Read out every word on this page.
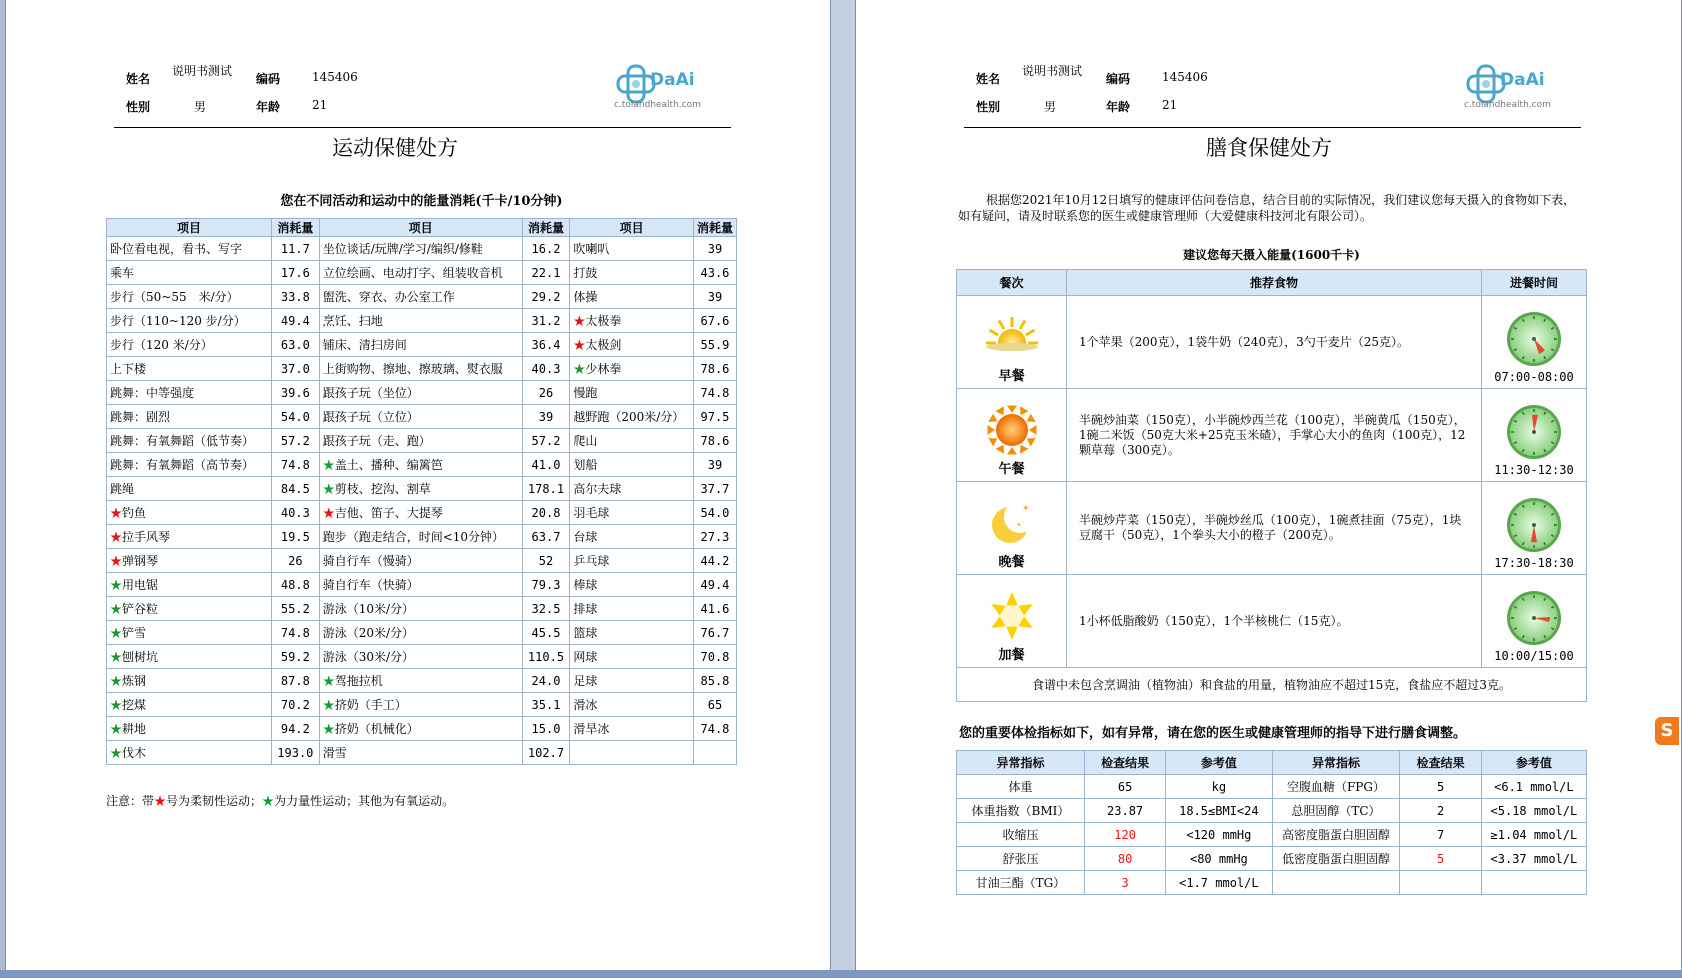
姓名
说明书测试
编码	145406
性别	男	年龄	21
DaAi
c.tolandhealth.com
运动保健处方
您在不同活动和运动中的能量消耗(千卡/10分钟)
项目	消耗量	项目	消耗量	项目	消耗量
卧位看电视，看书、写字	11.7	坐位谈话/玩牌/学习/编织/修鞋	16.2	吹喇叭	39
乘车	17.6	立位绘画、电动打字、组装收音机	22.1	打鼓	43.6
步行（50~55　米/分）	33.8	盥洗、穿衣、办公室工作	29.2	体操	39
步行（110~120 步/分）	49.4	烹饪、扫地	31.2	★太极拳	67.6
步行（120 米/分）	63.0	铺床、清扫房间	36.4	★太极剑	55.9
上下楼	37.0	上街购物、擦地、擦玻璃、熨衣服	40.3	★少林拳	78.6
跳舞：中等强度	39.6	跟孩子玩（坐位）	26	慢跑	74.8
跳舞：剧烈	54.0	跟孩子玩（立位）	39	越野跑（200米/分）	97.5
跳舞：有氧舞蹈（低节奏）	57.2	跟孩子玩（走、跑）	57.2	爬山	78.6
跳舞：有氧舞蹈（高节奏）	74.8	★盖土、播种、编篱笆	41.0	划船	39
跳绳	84.5	★剪枝、挖沟、割草	178.1	高尔夫球	37.7
★钓鱼	40.3	★吉他、笛子、大提琴	20.8	羽毛球	54.0
★拉手风琴	19.5	跑步（跑走结合，时间<10分钟）	63.7	台球	27.3
★弹钢琴	26	骑自行车（慢骑）	52	乒乓球	44.2
★用电锯	48.8	骑自行车（快骑）	79.3	棒球	49.4
★铲谷粒	55.2	游泳（10米/分）	32.5	排球	41.6
★铲雪	74.8	游泳（20米/分）	45.5	篮球	76.7
★刨树坑	59.2	游泳（30米/分）	110.5	网球	70.8
★炼钢	87.8	★驾拖拉机	24.0	足球	85.8
★挖煤	70.2	★挤奶（手工）	35.1	滑冰	65
★耕地	94.2	★挤奶（机械化）	15.0	滑旱冰	74.8
★伐木	193.0	滑雪	102.7		
注意：带★号为柔韧性运动；★为力量性运动；其他为有氧运动。
姓名
说明书测试
编码	145406
性别	男	年龄	21
DaAi
c.tolandhealth.com
膳食保健处方
根据您2021年10月12日填写的健康评估问卷信息，结合目前的实际情况，我们建议您每天摄入的食物如下表，如有疑问，请及时联系您的医生或健康管理师（大爱健康科技河北有限公司）。
建议您每天摄入能量(1600千卡)
餐次	推荐食物	进餐时间

早餐	1个苹果（200克），1袋牛奶（240克），3勺干麦片（25克）。	07:00-08:00

午餐	半碗炒油菜（150克），小半碗炒西兰花（100克），半碗黄瓜（150克），1碗二米饭（50克大米+25克玉米碴），手掌心大小的鱼肉（100克），12颗草莓（300克）。	11:30-12:30

✦
✦
晚餐	半碗炒芹菜（150克），半碗炒丝瓜（100克），1碗煮挂面（75克），1块豆腐干（50克），1个拳头大小的橙子（200克）。	17:30-18:30

加餐	1小杯低脂酸奶（150克），1个半核桃仁（15克）。	10:00/15:00

食谱中未包含烹调油（植物油）和食盐的用量，植物油应不超过15克，食盐应不超过3克。		
您的重要体检指标如下，如有异常，请在您的医生或健康管理师的指导下进行膳食调整。
异常指标	检查结果	参考值	异常指标	检查结果	参考值
体重	65	kg	空腹血糖（FPG）	5	<6.1 mmol/L
体重指数（BMI）	23.87	18.5≤BMI<24	总胆固醇（TC）	2	<5.18 mmol/L
收缩压	120	<120 mmHg	高密度脂蛋白胆固醇	7	≥1.04 mmol/L
舒张压	80	<80 mmHg	低密度脂蛋白胆固醇	5	<3.37 mmol/L
甘油三酯（TG）	3	<1.7 mmol/L			
S
